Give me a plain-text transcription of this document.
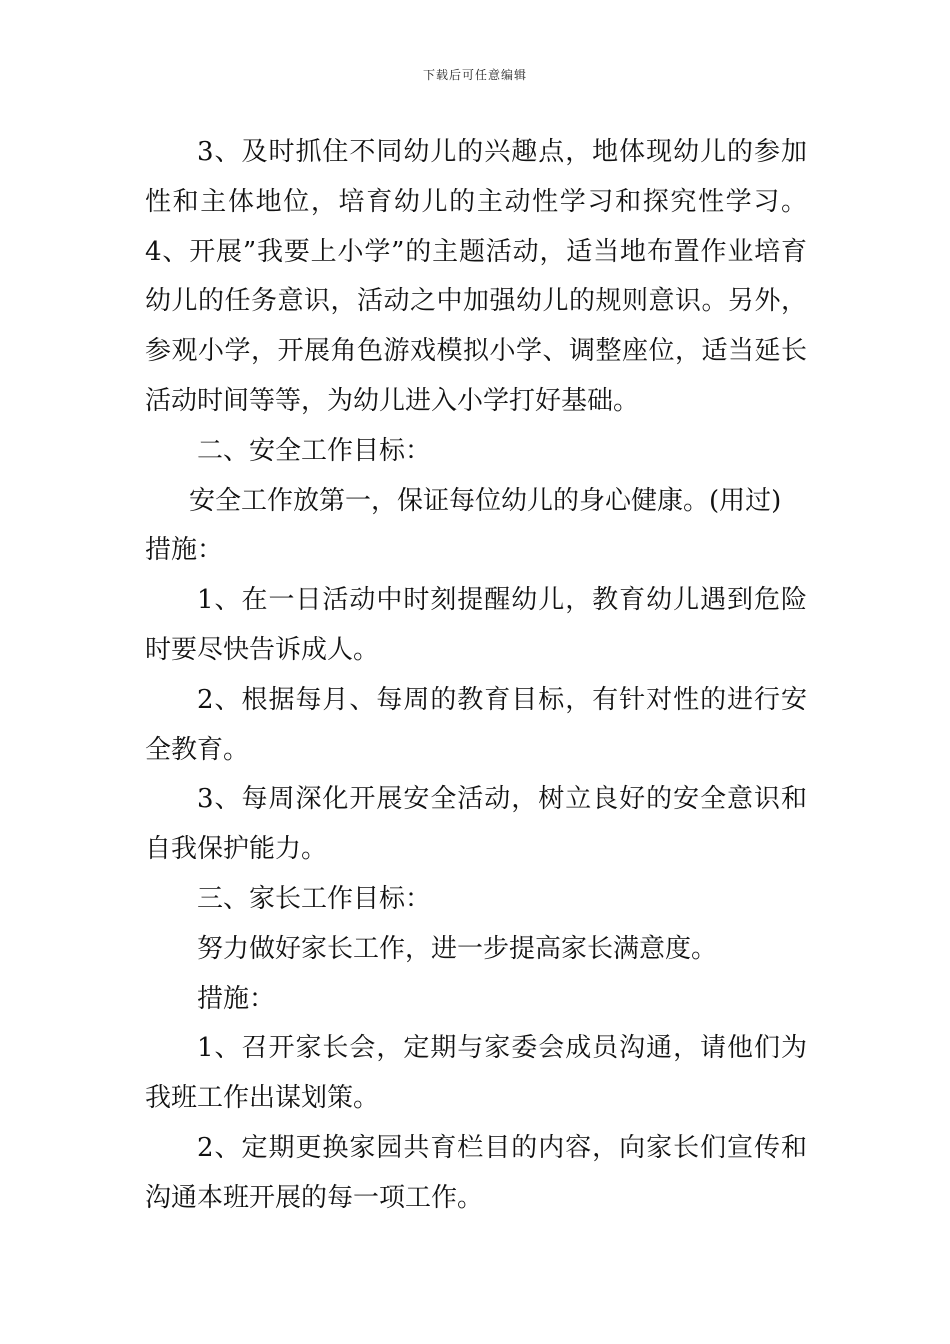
下载后可任意编辑

3、及时抓住不同幼儿的兴趣点，地体现幼儿的参加性和主体地位，培育幼儿的主动性学习和探究性学习。4、开展”我要上小学”的主题活动，适当地布置作业培育幼儿的任务意识，活动之中加强幼儿的规则意识。另外，参观小学，开展角色游戏模拟小学、调整座位，适当延长活动时间等等，为幼儿进入小学打好基础。

二、安全工作目标：

安全工作放第一，保证每位幼儿的身心健康。(用过)

措施：

1、在一日活动中时刻提醒幼儿，教育幼儿遇到危险时要尽快告诉成人。

2、根据每月、每周的教育目标，有针对性的进行安全教育。

3、每周深化开展安全活动，树立良好的安全意识和自我保护能力。

三、家长工作目标：

努力做好家长工作，进一步提高家长满意度。

措施：

1、召开家长会，定期与家委会成员沟通，请他们为我班工作出谋划策。

2、定期更换家园共育栏目的内容，向家长们宣传和沟通本班开展的每一项工作。
